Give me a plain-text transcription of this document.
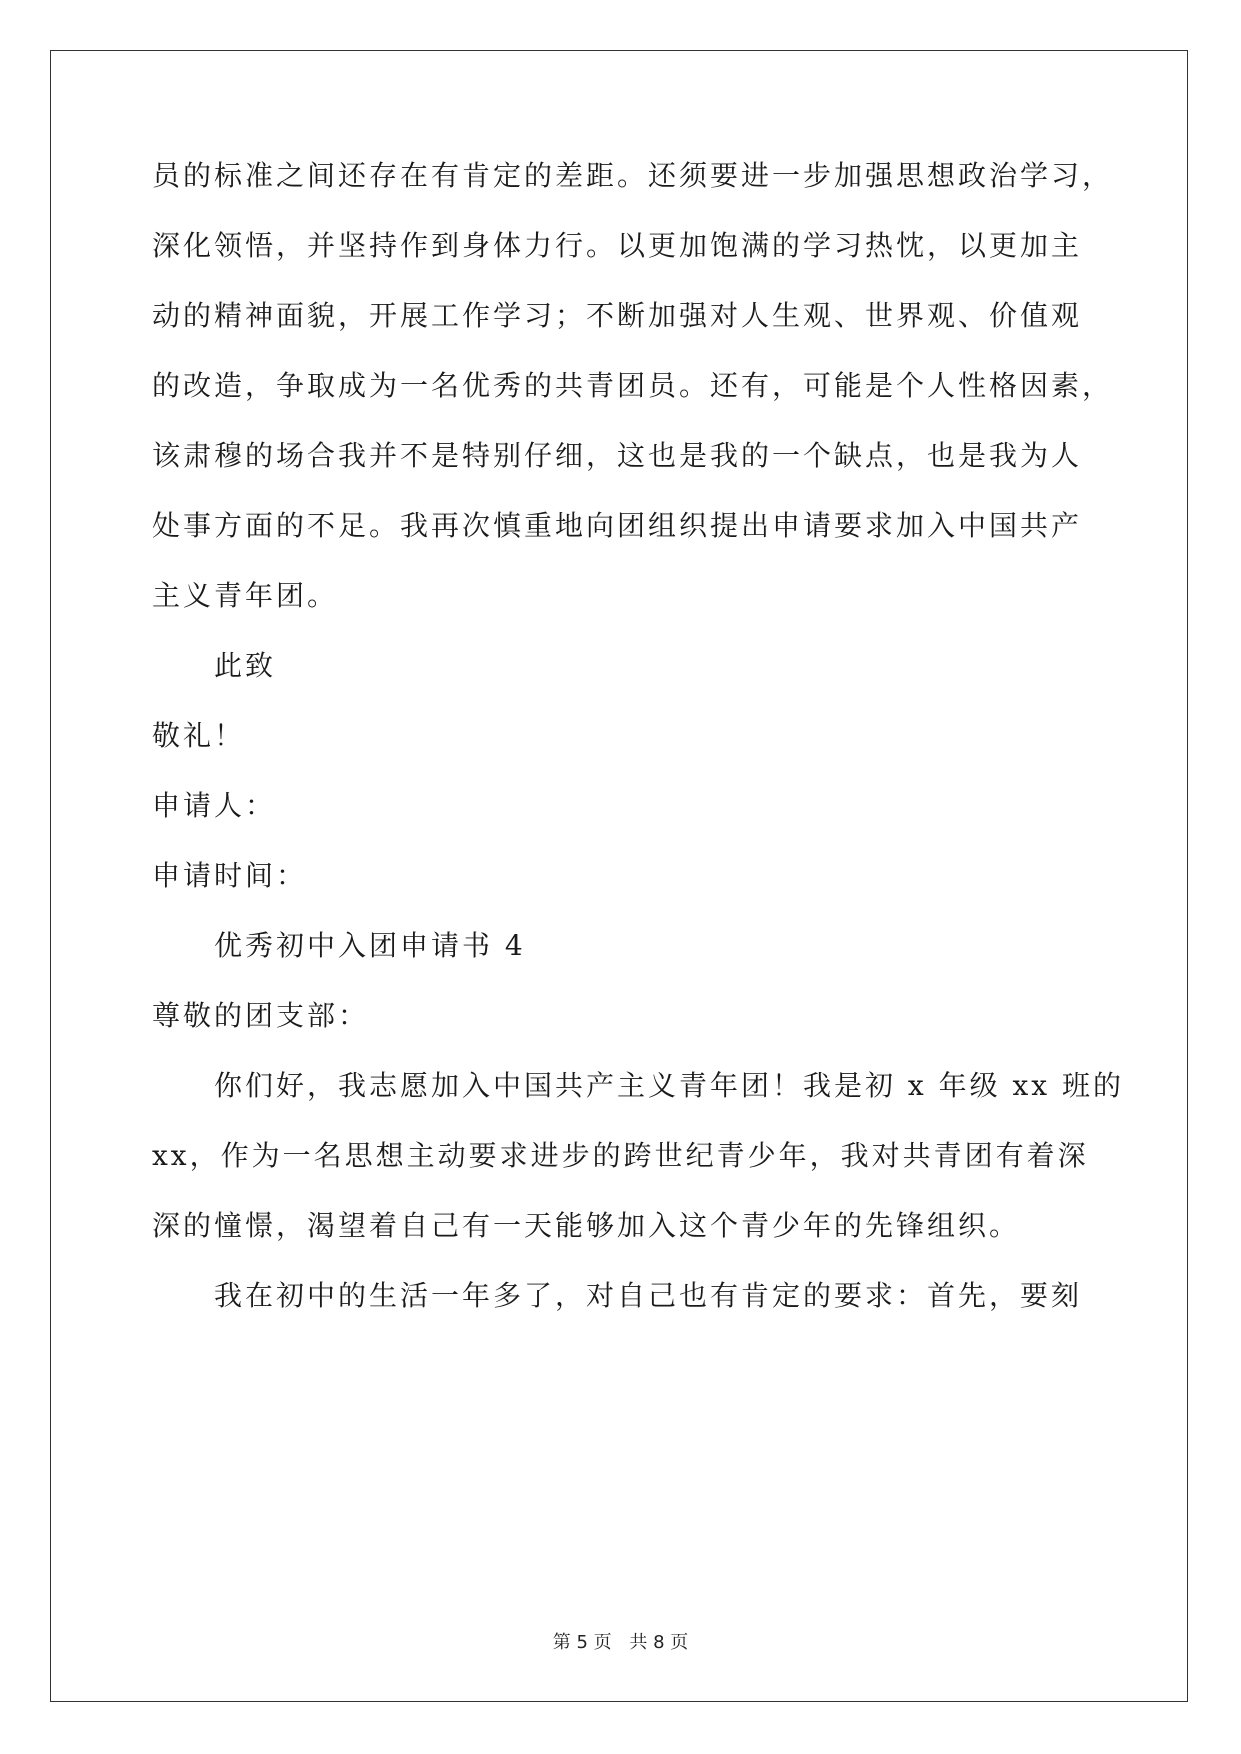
员的标准之间还存在有肯定的差距。还须要进一步加强思想政治学习，
深化领悟，并坚持作到身体力行。以更加饱满的学习热忱，以更加主
动的精神面貌，开展工作学习；不断加强对人生观、世界观、价值观
的改造，争取成为一名优秀的共青团员。还有，可能是个人性格因素，
该肃穆的场合我并不是特别仔细，这也是我的一个缺点，也是我为人
处事方面的不足。我再次慎重地向团组织提出申请要求加入中国共产
主义青年团。
此致
敬礼！
申请人：
申请时间：
优秀初中入团申请书 4
尊敬的团支部：
你们好，我志愿加入中国共产主义青年团！我是初 x 年级 xx 班的
xx，作为一名思想主动要求进步的跨世纪青少年，我对共青团有着深
深的憧憬，渴望着自己有一天能够加入这个青少年的先锋组织。
我在初中的生活一年多了，对自己也有肯定的要求：首先，要刻
第 5 页 共 8 页
